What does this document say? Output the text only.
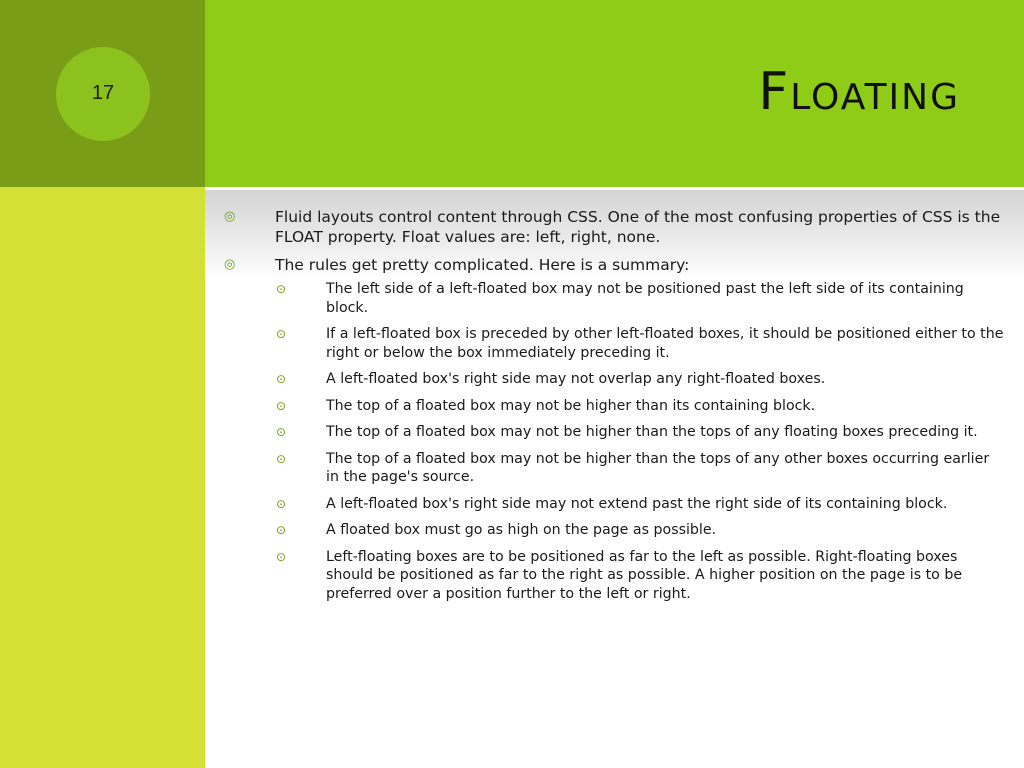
17	Floating
◎	Fluid layouts control content through CSS. One of the most confusing properties of CSS is the FLOAT property. Float values are: left, right, none.
◎	The rules get pretty complicated. Here is a summary:
⊙	The left side of a left-floated box may not be positioned past the left side of its containing block.
⊙	If a left-floated box is preceded by other left-floated boxes, it should be positioned either to the right or below the box immediately preceding it.
⊙	A left-floated box's right side may not overlap any right-floated boxes.
⊙	The top of a floated box may not be higher than its containing block.
⊙	The top of a floated box may not be higher than the tops of any floating boxes preceding it.
⊙	The top of a floated box may not be higher than the tops of any other boxes occurring earlier in the page's source.
⊙	A left-floated box's right side may not extend past the right side of its containing block.
⊙	A floated box must go as high on the page as possible.
⊙	Left-floating boxes are to be positioned as far to the left as possible. Right-floating boxes should be positioned as far to the right as possible. A higher position on the page is to be preferred over a position further to the left or right.
